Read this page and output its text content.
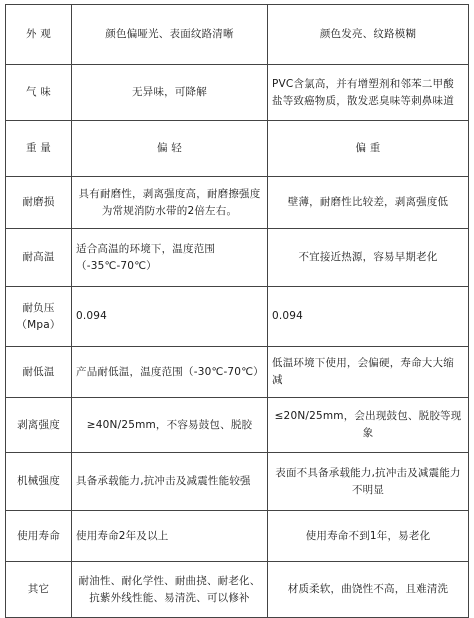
外 观	颜色偏哑光、表面纹路清晰	颜色发亮、纹路模糊
气 味	无异味，可降解	PVC含氯高，并有增塑剂和邻苯二甲酸盐等致癌物质，散发恶臭味等刺鼻味道
重 量	偏 轻	偏 重
耐磨损	具有耐磨性，剥离强度高，耐磨擦强度为常规消防水带的2倍左右。	壁薄，耐磨性比较差，剥离强度低
耐高温	适合高温的环境下，温度范围（-35℃-70℃）	不宜接近热源，容易早期老化
耐负压（Mpa）	0.094	0.094
耐低温	产品耐低温，温度范围（-30℃-70℃）	低温环境下使用，会偏硬，寿命大大缩减
剥离强度	≥40N/25mm，不容易鼓包、脱胶	≤20N/25mm，会出现鼓包、脱胶等现象
机械强度	具备承载能力,抗冲击及减震性能较强	表面不具备承载能力,抗冲击及减震能力不明显
使用寿命	使用寿命2年及以上	使用寿命不到1年，易老化
其它	耐油性、耐化学性、耐曲挠、耐老化、抗紫外线性能、易清洗、可以修补	材质柔软，曲饶性不高，且难清洗
